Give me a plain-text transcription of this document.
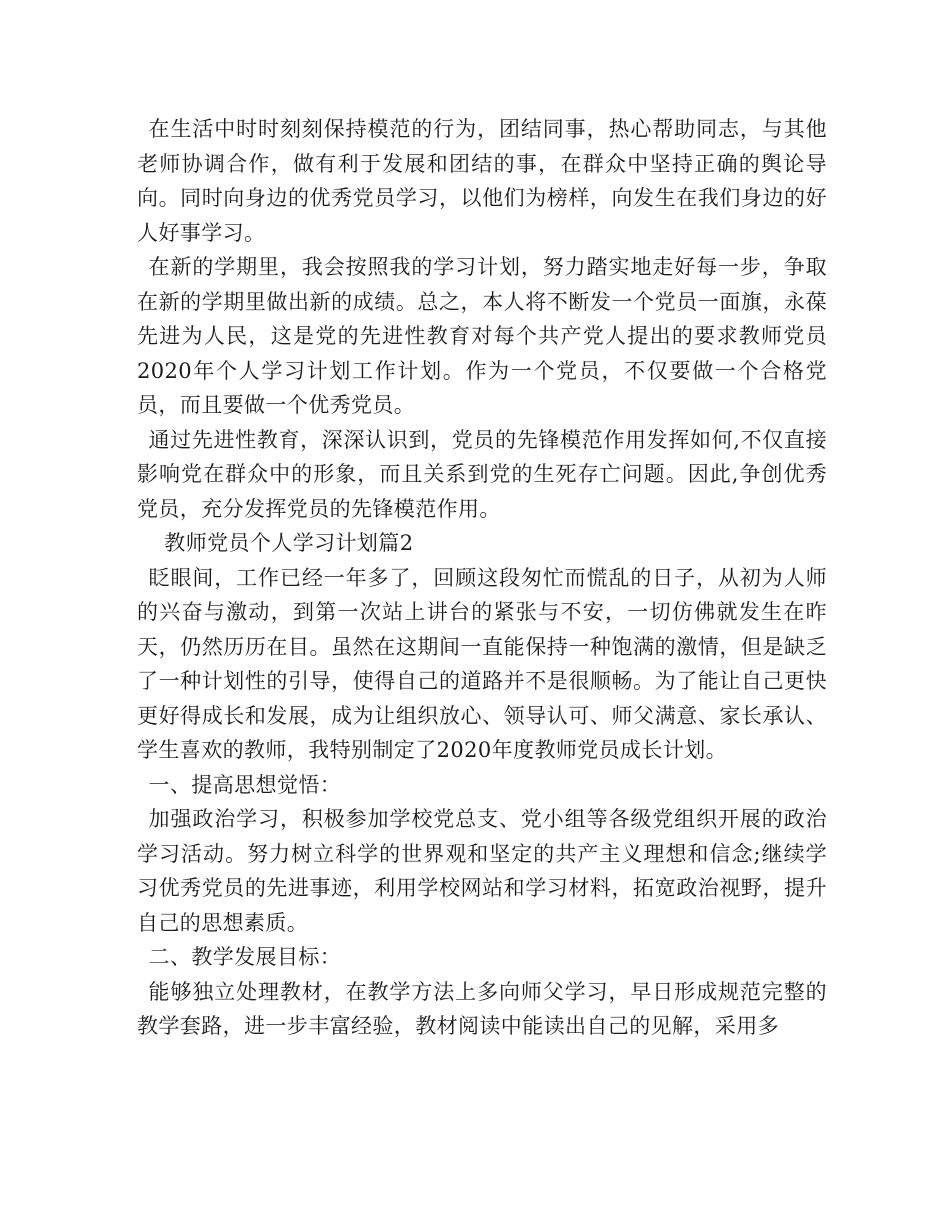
在生活中时时刻刻保持模范的行为，团结同事，热心帮助同志，与其他老师协调合作，做有利于发展和团结的事，在群众中坚持正确的舆论导向。同时向身边的优秀党员学习，以他们为榜样，向发生在我们身边的好人好事学习。

在新的学期里，我会按照我的学习计划，努力踏实地走好每一步，争取在新的学期里做出新的成绩。总之，本人将不断发一个党员一面旗，永葆先进为人民，这是党的先进性教育对每个共产党人提出的要求教师党员2020年个人学习计划工作计划。作为一个党员，不仅要做一个合格党员，而且要做一个优秀党员。

通过先进性教育，深深认识到，党员的先锋模范作用发挥如何,不仅直接影响党在群众中的形象，而且关系到党的生死存亡问题。因此,争创优秀党员，充分发挥党员的先锋模范作用。

教师党员个人学习计划篇2

眨眼间，工作已经一年多了，回顾这段匆忙而慌乱的日子，从初为人师的兴奋与激动，到第一次站上讲台的紧张与不安，一切仿佛就发生在昨天，仍然历历在目。虽然在这期间一直能保持一种饱满的激情，但是缺乏了一种计划性的引导，使得自己的道路并不是很顺畅。为了能让自己更快更好得成长和发展，成为让组织放心、领导认可、师父满意、家长承认、学生喜欢的教师，我特别制定了2020年度教师党员成长计划。

一、提高思想觉悟：

加强政治学习，积极参加学校党总支、党小组等各级党组织开展的政治学习活动。努力树立科学的世界观和坚定的共产主义理想和信念;继续学习优秀党员的先进事迹，利用学校网站和学习材料，拓宽政治视野，提升自己的思想素质。

二、教学发展目标：

能够独立处理教材，在教学方法上多向师父学习，早日形成规范完整的教学套路，进一步丰富经验，教材阅读中能读出自己的见解，采用多
